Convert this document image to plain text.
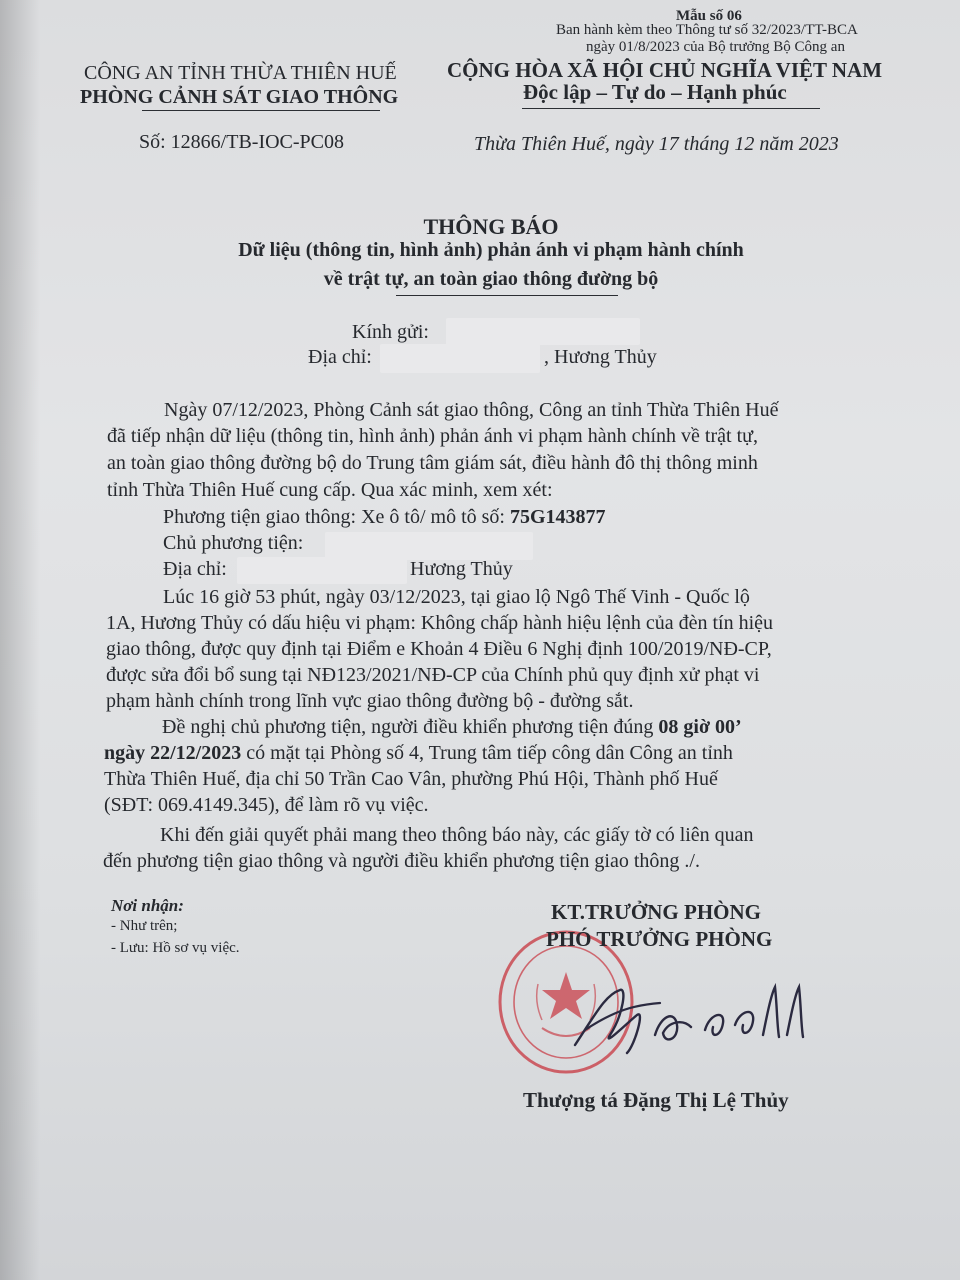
Mẫu số 06
Ban hành kèm theo Thông tư số 32/2023/TT-BCA
ngày 01/8/2023 của Bộ trưởng Bộ Công an
CÔNG AN TỈNH THỪA THIÊN HUẾ
PHÒNG CẢNH SÁT GIAO THÔNG
CỘNG HÒA XÃ HỘI CHỦ NGHĨA VIỆT NAM
Độc lập – Tự do – Hạnh phúc
Số: 12866/TB-IOC-PC08	Thừa Thiên Huế, ngày 17 tháng 12 năm 2023
THÔNG BÁO
Dữ liệu (thông tin, hình ảnh) phản ánh vi phạm hành chính
về trật tự, an toàn giao thông đường bộ
Kính gửi:
Địa chỉ:	, Hương Thủy
Ngày 07/12/2023, Phòng Cảnh sát giao thông, Công an tỉnh Thừa Thiên Huế
đã tiếp nhận dữ liệu (thông tin, hình ảnh) phản ánh vi phạm hành chính về trật tự,
an toàn giao thông đường bộ do Trung tâm giám sát, điều hành đô thị thông minh
tỉnh Thừa Thiên Huế cung cấp. Qua xác minh, xem xét:
Phương tiện giao thông: Xe ô tô/ mô tô số: 75G143877
Chủ phương tiện:
Địa chỉ:	Hương Thủy
Lúc 16 giờ 53 phút, ngày 03/12/2023, tại giao lộ Ngô Thế Vinh - Quốc lộ
1A, Hương Thủy có dấu hiệu vi phạm: Không chấp hành hiệu lệnh của đèn tín hiệu
giao thông, được quy định tại Điểm e Khoản 4 Điều 6 Nghị định 100/2019/NĐ-CP,
được sửa đổi bổ sung tại NĐ123/2021/NĐ-CP của Chính phủ quy định xử phạt vi
phạm hành chính trong lĩnh vực giao thông đường bộ - đường sắt.
Đề nghị chủ phương tiện, người điều khiển phương tiện đúng 08 giờ 00’
ngày 22/12/2023 có mặt tại Phòng số 4, Trung tâm tiếp công dân Công an tỉnh
Thừa Thiên Huế, địa chỉ 50 Trần Cao Vân, phường Phú Hội, Thành phố Huế
(SĐT: 069.4149.345), để làm rõ vụ việc.
Khi đến giải quyết phải mang theo thông báo này, các giấy tờ có liên quan
đến phương tiện giao thông và người điều khiển phương tiện giao thông ./.
Nơi nhận:
- Như trên;
- Lưu: Hồ sơ vụ việc.
KT.TRƯỞNG PHÒNG
PHÓ TRƯỞNG PHÒNG
Thượng tá Đặng Thị Lệ Thủy
